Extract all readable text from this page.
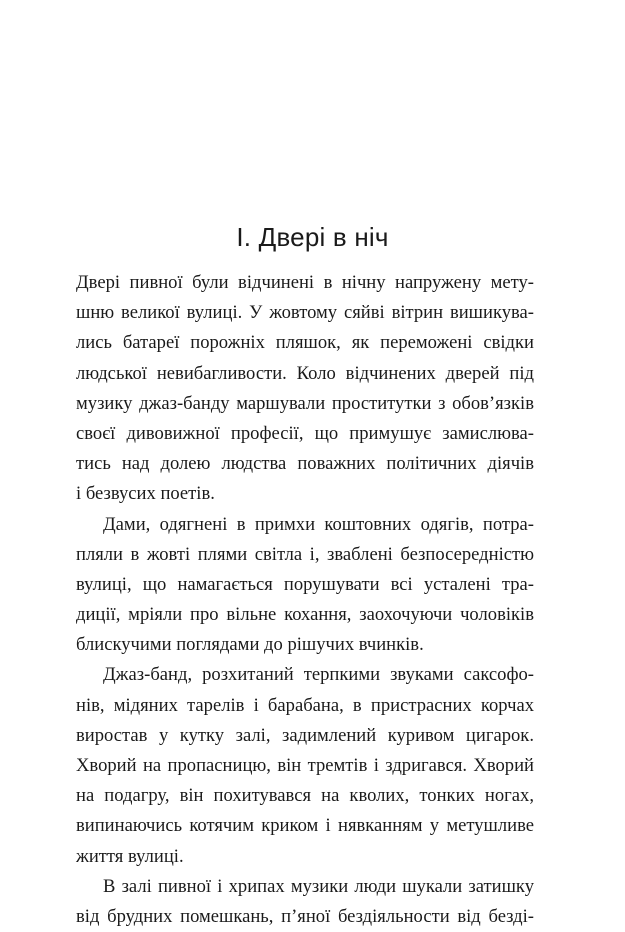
I. Двері в ніч
Двері пивної були відчинені в нічну напружену мету-
шню великої вулиці. У жовтому сяйві вітрин вишикува-
лись батареї порожніх пляшок, як переможені свідки
людської невибагливости. Коло відчинених дверей під
музику джаз-банду маршували проститутки з обов’язків
своєї дивовижної професії, що примушує замислюва-
тись над долею людства поважних політичних діячів
і безвусих поетів.
Дами, одягнені в примхи коштовних одягів, потра-
пляли в жовті плями світла і, зваблені безпосередністю
вулиці, що намагається порушувати всі усталені тра-
диції, мріяли про вільне кохання, заохочуючи чоловіків
блискучими поглядами до рішучих вчинків.
Джаз-банд, розхитаний терпкими звуками саксофо-
нів, мідяних тарелів і барабана, в пристрасних корчах
виростав у кутку залі, задимлений куривом цигарок.
Хворий на пропасницю, він тремтів і здригався. Хворий
на подагру, він похитувався на кволих, тонких ногах,
випинаючись котячим криком і нявканням у метушливе
життя вулиці.
В залі пивної і хрипах музики люди шукали затишку
від брудних помешкань, п’яної бездіяльности від безді-
